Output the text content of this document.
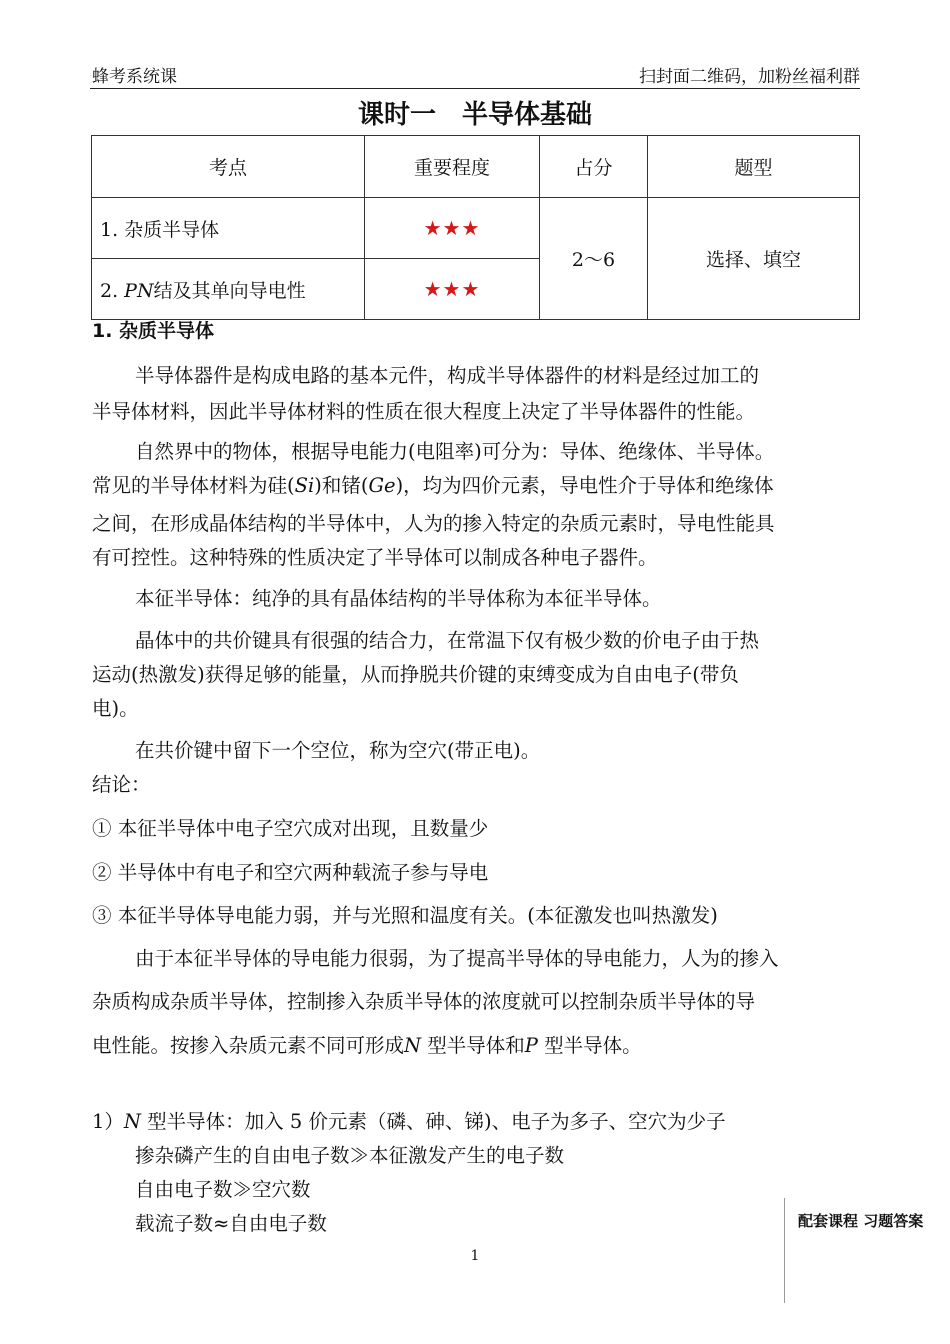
蜂考系统课	扫封面二维码，加粉丝福利群
课时一　半导体基础
考点	重要程度	占分	题型
1. 杂质半导体	★★★	2～6	选择、填空
2. PN结及其单向导电性	★★★		
1. 杂质半导体
半导体器件是构成电路的基本元件，构成半导体器件的材料是经过加工的
半导体材料，因此半导体材料的性质在很大程度上决定了半导体器件的性能。
自然界中的物体，根据导电能力(电阻率)可分为：导体、绝缘体、半导体。
常见的半导体材料为硅(Si)和锗(Ge)，均为四价元素，导电性介于导体和绝缘体
之间，在形成晶体结构的半导体中，人为的掺入特定的杂质元素时，导电性能具
有可控性。这种特殊的性质决定了半导体可以制成各种电子器件。
本征半导体：纯净的具有晶体结构的半导体称为本征半导体。
晶体中的共价键具有很强的结合力，在常温下仅有极少数的价电子由于热
运动(热激发)获得足够的能量，从而挣脱共价键的束缚变成为自由电子(带负
电)。
在共价键中留下一个空位，称为空穴(带正电)。
结论：
① 本征半导体中电子空穴成对出现，且数量少
② 半导体中有电子和空穴两种载流子参与导电
③ 本征半导体导电能力弱，并与光照和温度有关。(本征激发也叫热激发)
由于本征半导体的导电能力很弱，为了提高半导体的导电能力，人为的掺入
杂质构成杂质半导体，控制掺入杂质半导体的浓度就可以控制杂质半导体的导
电性能。按掺入杂质元素不同可形成N 型半导体和P 型半导体。
1）N 型半导体：加入 5 价元素（磷、砷、锑)、电子为多子、空穴为少子
掺杂磷产生的自由电子数≫本征激发产生的电子数
自由电子数≫空穴数
载流子数≈自由电子数	配套课程 习题答案
1
